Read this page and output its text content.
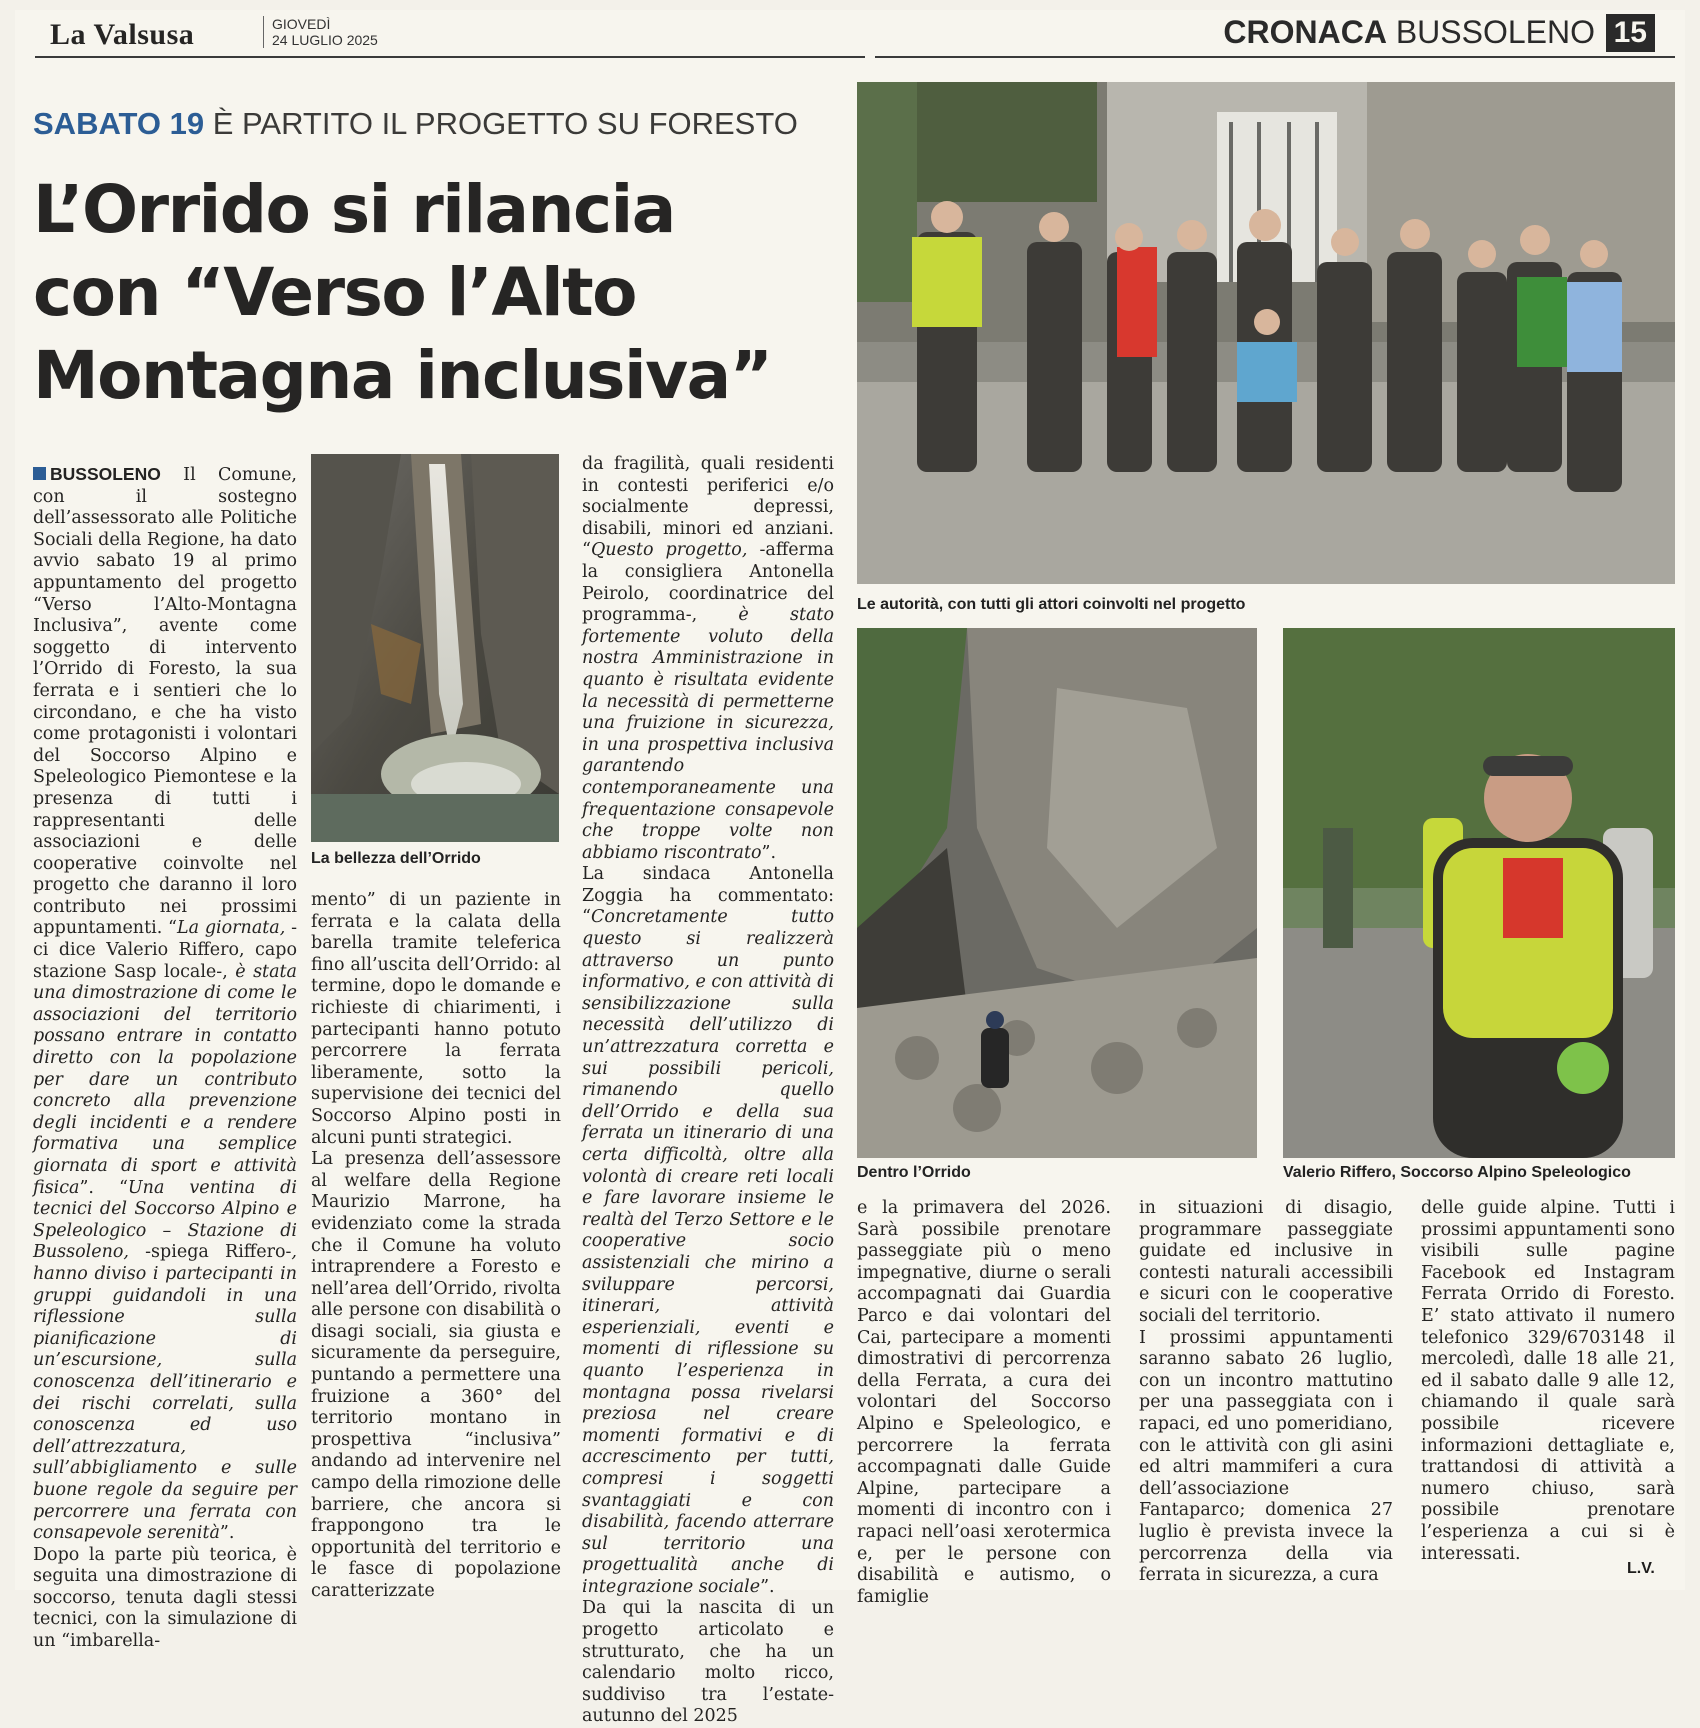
La Valsusa	GIOVEDÌ
24 LUGLIO 2025	CRONACA BUSSOLENO 15
SABATO 19 È PARTITO IL PROGETTO SU FORESTO
L’Orrido si rilancia
con “Verso l’Alto
Montagna inclusiva”

BUSSOLENO Il Comune, con il sostegno dell’assessorato alle Politiche Sociali della Regione, ha dato avvio sabato 19 al primo appuntamento del progetto “Verso l’Alto-Montagna Inclusiva”, avente come soggetto di intervento l’Orrido di Foresto, la sua ferrata e i sentieri che lo circondano, e che ha visto come protagonisti i volontari del Soccorso Alpino e Speleologico Piemontese e la presenza di tutti i rappresentanti delle associazioni e delle cooperative coinvolte nel progetto che daranno il loro contributo nei prossimi appuntamenti. “La giornata, -ci dice Valerio Riffero, capo stazione Sasp locale-, è stata una dimostrazione di come le associazioni del territorio possano entrare in contatto diretto con la popolazione per dare un contributo concreto alla prevenzione degli incidenti e a rendere formativa una semplice giornata di sport e attività fisica”. “Una ventina di tecnici del Soccorso Alpino e Speleologico – Stazione di Bussoleno, -spiega Riffero-, hanno diviso i partecipanti in gruppi guidandoli in una riflessione sulla pianificazione di un’escursione, sulla conoscenza dell’itinerario e dei rischi correlati, sulla conoscenza ed uso dell’attrezzatura, sull’abbigliamento e sulle buone regole da seguire per percorrere una ferrata con consapevole serenità”.

Dopo la parte più teorica, è seguita una dimostrazione di soccorso, tenuta dagli stessi tecnici, con la simulazione di un “imbarella-

La bellezza dell’Orrido

mento” di un paziente in ferrata e la calata della barella tramite teleferica fino all’uscita dell’Orrido: al termine, dopo le domande e richieste di chiarimenti, i partecipanti hanno potuto percorrere la ferrata liberamente, sotto la supervisione dei tecnici del Soccorso Alpino posti in alcuni punti strategici.

La presenza dell’assessore al welfare della Regione Maurizio Marrone, ha evidenziato come la strada che il Comune ha voluto intraprendere a Foresto e nell’area dell’Orrido, rivolta alle persone con disabilità o disagi sociali, sia giusta e sicuramente da perseguire, puntando a permettere una fruizione a 360° del territorio montano in prospettiva “inclusiva” andando ad intervenire nel campo della rimozione delle barriere, che ancora si frappongono tra le opportunità del territorio e le fasce di popolazione caratterizzate

da fragilità, quali residenti in contesti periferici e/o socialmente depressi, disabili, minori ed anziani. “Questo progetto, -afferma la consigliera Antonella Peirolo, coordinatrice del programma-, è stato fortemente voluto della nostra Amministrazione in quanto è risultata evidente la necessità di permetterne una fruizione in sicurezza, in una prospettiva inclusiva garantendo contemporaneamente una frequentazione consapevole che troppe volte non abbiamo riscontrato”.

La sindaca Antonella Zoggia ha commentato: “Concretamente tutto questo si realizzerà attraverso un punto informativo, e con attività di sensibilizzazione sulla necessità dell’utilizzo di un’attrezzatura corretta e sui possibili pericoli, rimanendo quello dell’Orrido e della sua ferrata un itinerario di una certa difficoltà, oltre alla volontà di creare reti locali e fare lavorare insieme le realtà del Terzo Settore e le cooperative socio assistenziali che mirino a sviluppare percorsi, itinerari, attività esperienziali, eventi e momenti di riflessione su quanto l’esperienza in montagna possa rivelarsi preziosa nel creare momenti formativi e di accrescimento per tutti, compresi i soggetti svantaggiati e con disabilità, facendo atterrare sul territorio una progettualità anche di integrazione sociale”.

Da qui la nascita di un progetto articolato e strutturato, che ha un calendario molto ricco, suddiviso tra l’estate-autunno del 2025

Le autorità, con tutti gli attori coinvolti nel progetto
Dentro l’Orrido	Valerio Riffero, Soccorso Alpino Speleologico

e la primavera del 2026. Sarà possibile prenotare passeggiate più o meno impegnative, diurne o serali accompagnati dai Guardia Parco e dai volontari del Cai, partecipare a momenti dimostrativi di percorrenza della Ferrata, a cura dei volontari del Soccorso Alpino e Speleologico, e percorrere la ferrata accompagnati dalle Guide Alpine, partecipare a momenti di incontro con i rapaci nell’oasi xerotermica e, per le persone con disabilità e autismo, o famiglie

in situazioni di disagio, programmare passeggiate guidate ed inclusive in contesti naturali accessibili e sicuri con le cooperative sociali del territorio.

I prossimi appuntamenti saranno sabato 26 luglio, con un incontro mattutino per una passeggiata con i rapaci, ed uno pomeridiano, con le attività con gli asini ed altri mammiferi a cura dell’associazione Fantaparco; domenica 27 luglio è prevista invece la percorrenza della via ferrata in sicurezza, a cura

delle guide alpine. Tutti i prossimi appuntamenti sono visibili sulle pagine Facebook ed Instagram Ferrata Orrido di Foresto. E’ stato attivato il numero telefonico 329/6703148 il mercoledì, dalle 18 alle 21, ed il sabato dalle 9 alle 12, chiamando il quale sarà possibile ricevere informazioni dettagliate e, trattandosi di attività a numero chiuso, sarà possibile prenotare l’esperienza a cui si è interessati.

L.V.
